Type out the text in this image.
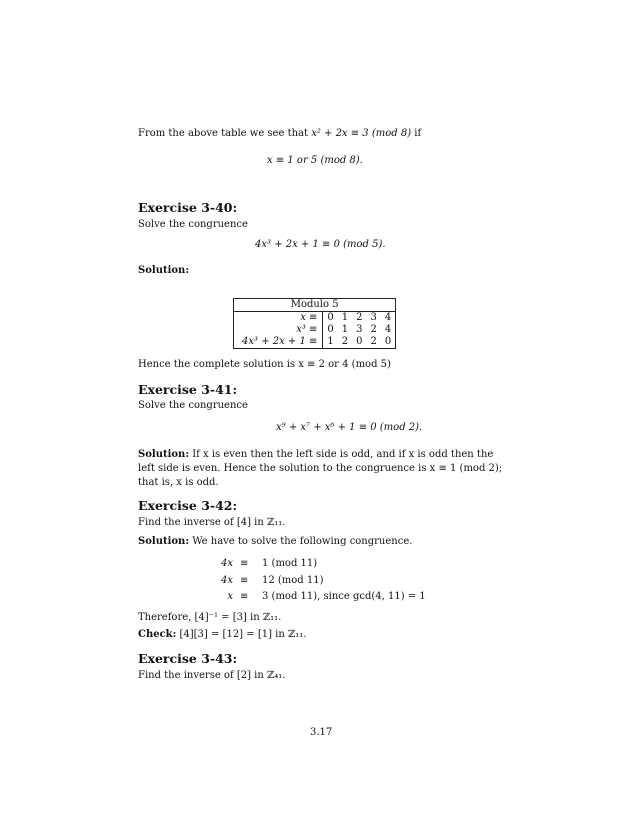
From the above table we see that x² + 2x ≡ 3 (mod 8) if
x ≡ 1 or 5 (mod 8).
Exercise 3-40:
Solve the congruence
4x³ + 2x + 1 ≡ 0 (mod 5).
Solution:
Modulo 5					
x ≡	0	1	2	3	4
x³ ≡	0	1	3	2	4
4x³ + 2x + 1 ≡	1	2	0	2	0
Hence the complete solution is x ≡ 2 or 4 (mod 5)
Exercise 3-41:
Solve the congruence
x⁹ + x⁷ + x⁶ + 1 ≡ 0 (mod 2).
Solution: If x is even then the left side is odd, and if x is odd then the left side is even. Hence the solution to the congruence is x ≡ 1 (mod 2); that is, x is odd.
Exercise 3-42:
Find the inverse of [4] in ℤ₁₁.
Solution: We have to solve the following congruence.
4x ≡ 1 (mod 11)
4x ≡ 12 (mod 11)
x ≡ 3 (mod 11), since gcd(4, 11) = 1
Therefore, [4]⁻¹ = [3] in ℤ₁₁.
Check: [4][3] = [12] = [1] in ℤ₁₁.
Exercise 3-43:
Find the inverse of [2] in ℤ₄₁.
3.17
